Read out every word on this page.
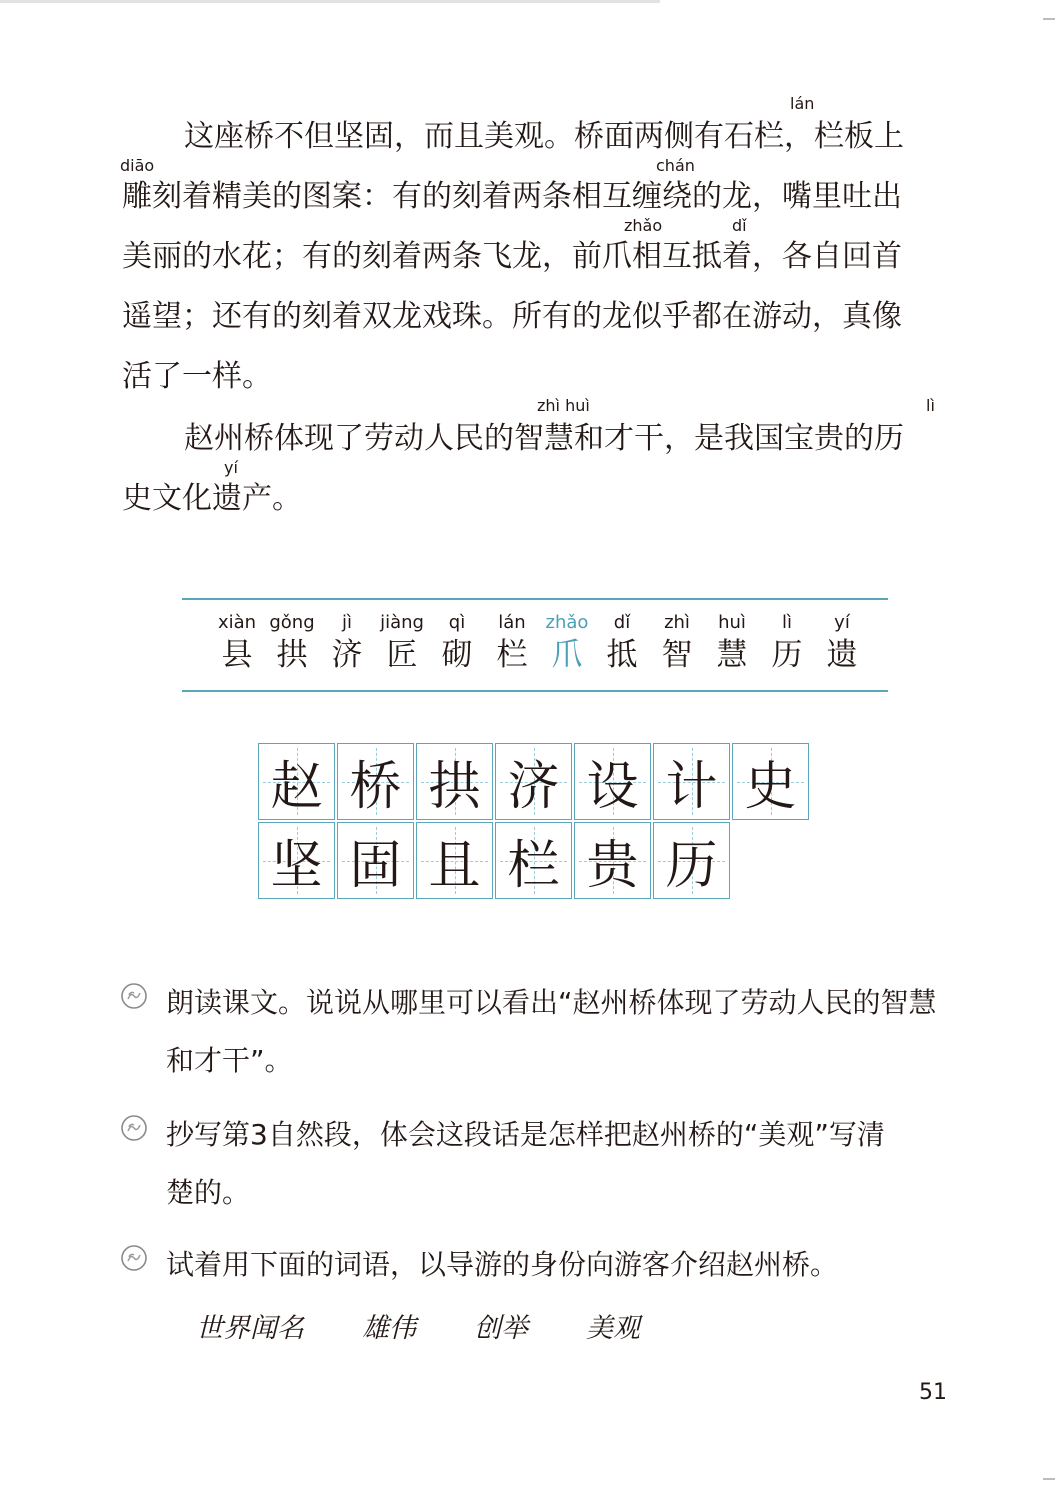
这座桥不但坚固，而且美观。桥面两侧有石栏，栏板上
lán
雕刻着精美的图案：有的刻着两条相互缠绕的龙，嘴里吐出
diāo	chán
美丽的水花；有的刻着两条飞龙，前爪相互抵着，各自回首
zhǎo	dǐ
遥望；还有的刻着双龙戏珠。所有的龙似乎都在游动，真像
活了一样。
赵州桥体现了劳动人民的智慧和才干，是我国宝贵的历
zhì huì	lì
史文化遗产。
yí
xiàn
县
gǒng
拱
jì
济
jiàng
匠
qì
砌
lán
栏
zhǎo
爪
dǐ
抵
zhì
智
huì
慧
lì
历
yí
遗
赵 桥 拱 济 设 计 史
坚 固 且 栏 贵 历
朗读课文。说说从哪里可以看出“赵州桥体现了劳动人民的智慧
和才干”。
抄写第3自然段，体会这段话是怎样把赵州桥的“美观”写清
楚的。
试着用下面的词语，以导游的身份向游客介绍赵州桥。
世界闻名 雄伟 创举 美观
51
